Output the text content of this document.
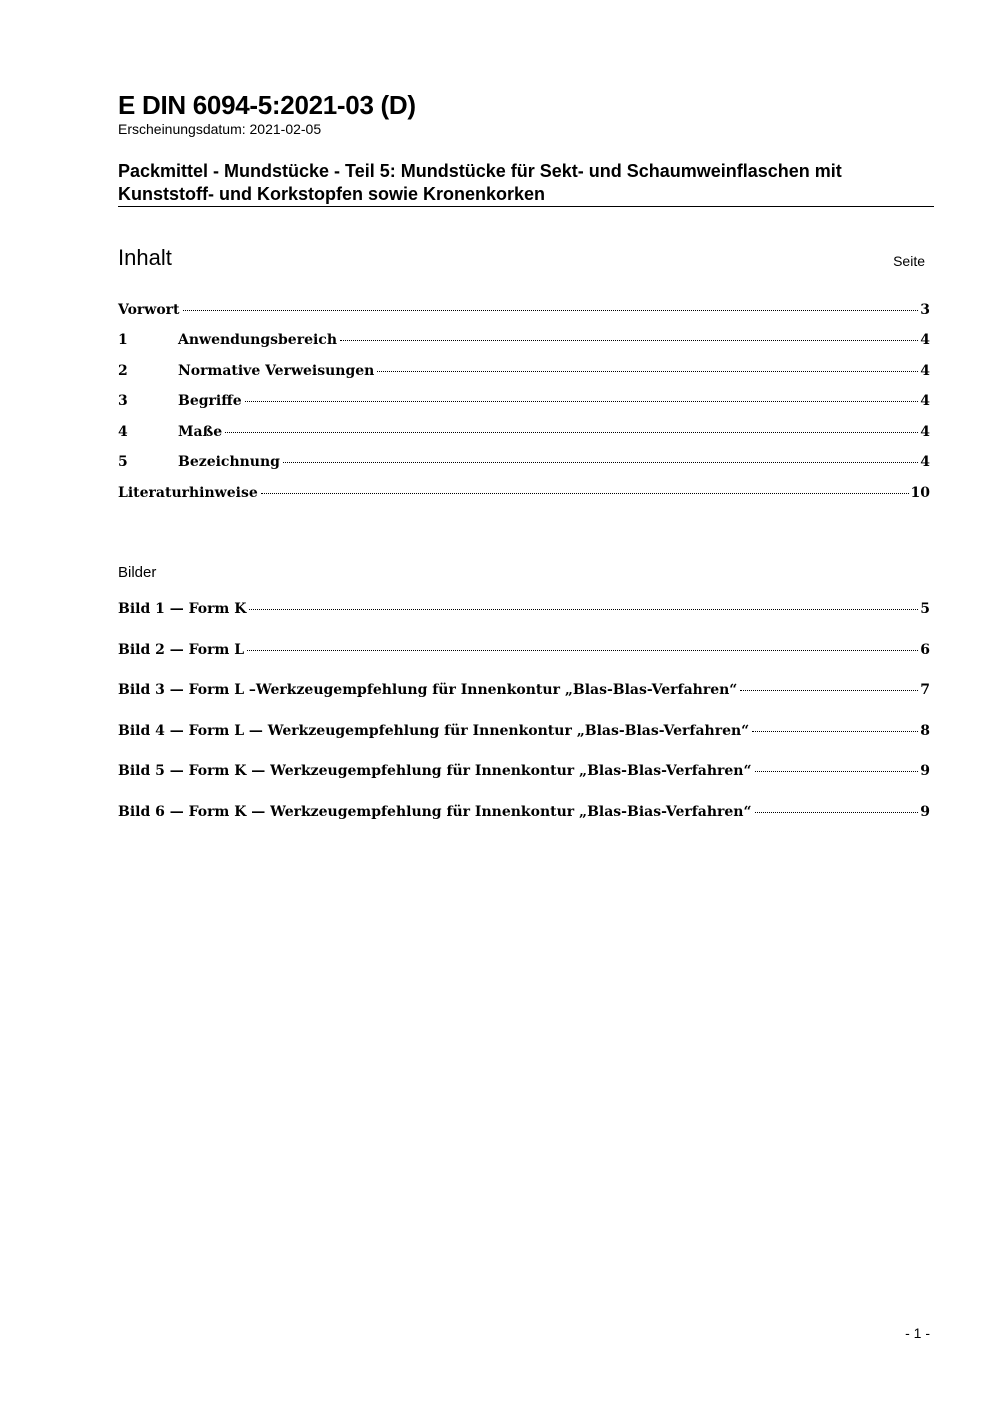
E DIN 6094-5:2021-03 (D)
Erscheinungsdatum: 2021-02-05
Packmittel - Mundstücke - Teil 5: Mundstücke für Sekt- und Schaumweinflaschen mit Kunststoff- und Korkstopfen sowie Kronenkorken
Inhalt	Seite
Vorwort	3
1	Anwendungsbereich	4
2	Normative Verweisungen	4
3	Begriffe	4
4	Maße	4
5	Bezeichnung	4
Literaturhinweise	10
Bilder
Bild 1 — Form K	5
Bild 2 — Form L	6
Bild 3 — Form L –Werkzeugempfehlung für Innenkontur „Blas-Blas-Verfahren“	7
Bild 4 — Form L — Werkzeugempfehlung für Innenkontur „Blas-Blas-Verfahren“	8
Bild 5 — Form K — Werkzeugempfehlung für Innenkontur „Blas-Blas-Verfahren“	9
Bild 6 — Form K — Werkzeugempfehlung für Innenkontur „Blas-Bias-Verfahren“	9
- 1 -
